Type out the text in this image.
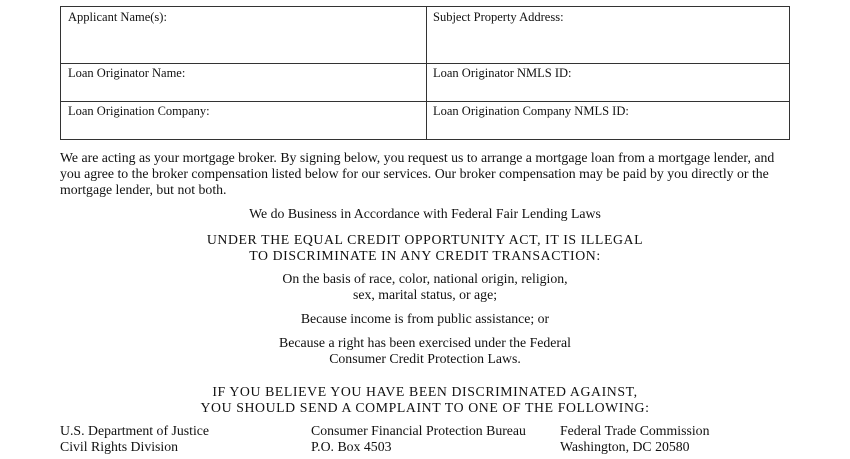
Applicant Name(s):	Subject Property Address:
Loan Originator Name:	Loan Originator NMLS ID:
Loan Origination Company:	Loan Origination Company NMLS ID:

We are acting as your mortgage broker. By signing below, you request us to arrange a mortgage loan from a mortgage lender, and you agree to the broker compensation listed below for our services. Our broker compensation may be paid by you directly or the mortgage lender, but not both.

We do Business in Accordance with Federal Fair Lending Laws

UNDER THE EQUAL CREDIT OPPORTUNITY ACT, IT IS ILLEGAL

TO DISCRIMINATE IN ANY CREDIT TRANSACTION:

On the basis of race, color, national origin, religion,

sex, marital status, or age;

Because income is from public assistance; or

Because a right has been exercised under the Federal

Consumer Credit Protection Laws.

IF YOU BELIEVE YOU HAVE BEEN DISCRIMINATED AGAINST,

YOU SHOULD SEND A COMPLAINT TO ONE OF THE FOLLOWING:

U.S. Department of Justice
Civil Rights Division
Consumer Financial Protection Bureau
P.O. Box 4503
Federal Trade Commission
Washington, DC 20580
